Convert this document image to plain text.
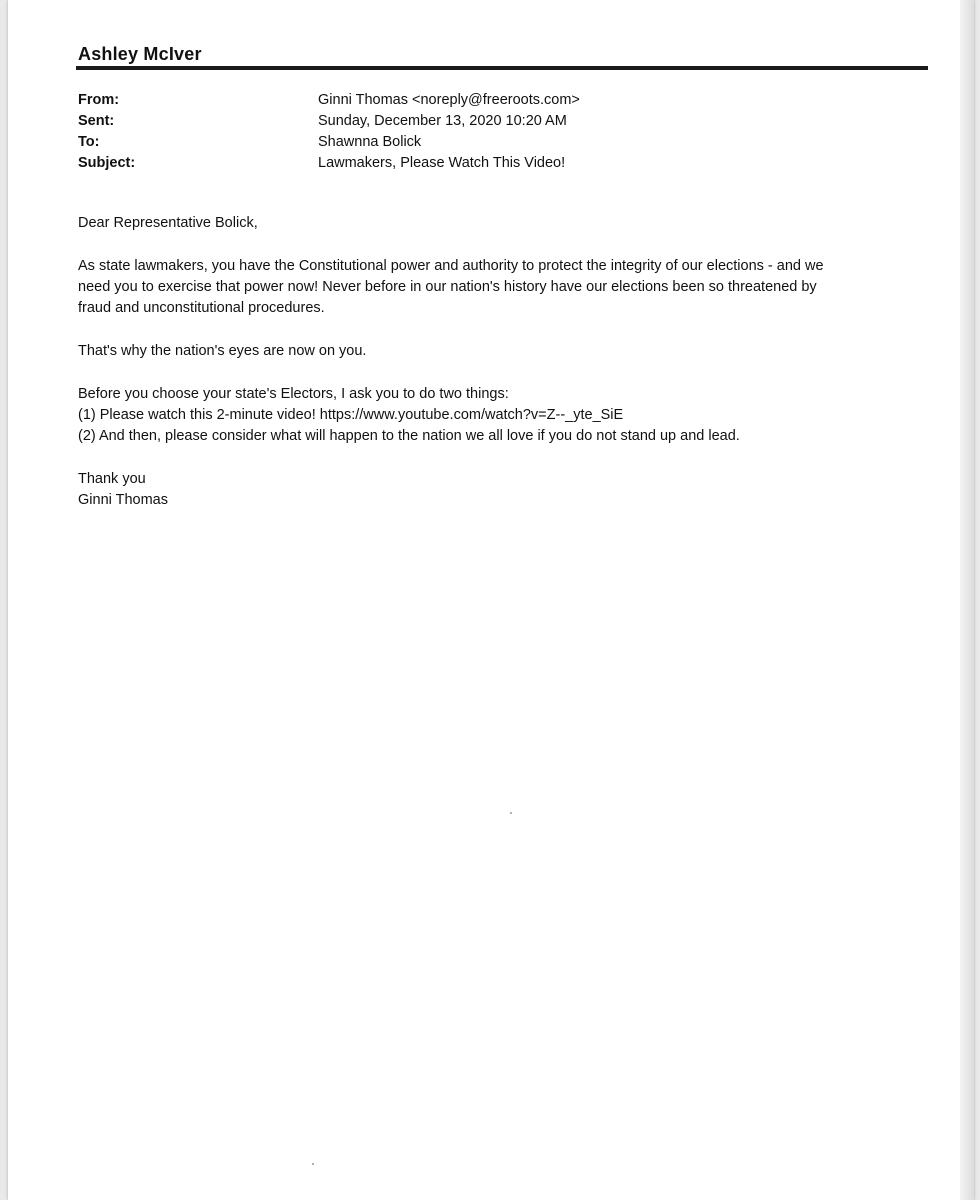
Ashley McIver
From:	Ginni Thomas <noreply@freeroots.com>
Sent:	Sunday, December 13, 2020 10:20 AM
To:	Shawnna Bolick
Subject:	Lawmakers, Please Watch This Video!

Dear Representative Bolick,

As state lawmakers, you have the Constitutional power and authority to protect the integrity of our elections - and we
need you to exercise that power now! Never before in our nation's history have our elections been so threatened by
fraud and unconstitutional procedures.

That's why the nation's eyes are now on you.

Before you choose your state's Electors, I ask you to do two things:
(1) Please watch this 2-minute video! https://www.youtube.com/watch?v=Z--_yte_SiE
(2) And then, please consider what will happen to the nation we all love if you do not stand up and lead.

Thank you
Ginni Thomas
